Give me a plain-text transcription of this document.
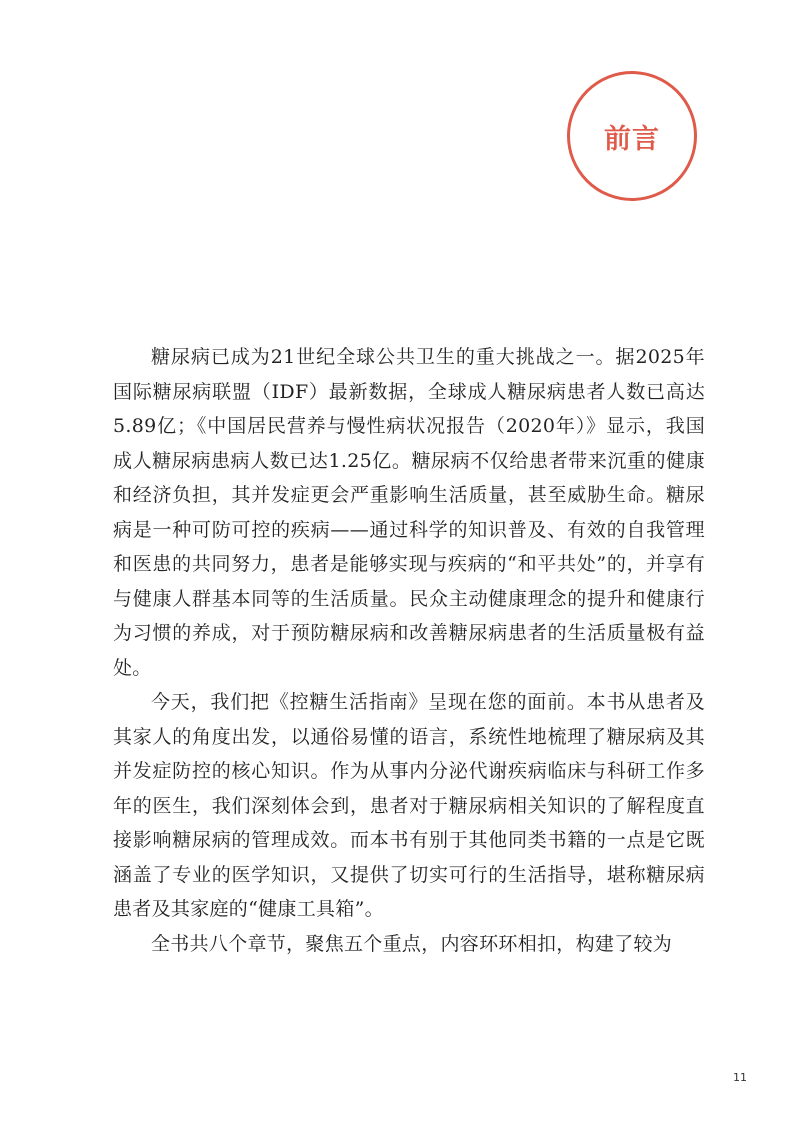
前言

糖尿病已成为21世纪全球公共卫生的重大挑战之一。据2025年国际糖尿病联盟（IDF）最新数据，全球成人糖尿病患者人数已高达5.89亿；《中国居民营养与慢性病状况报告（2020年）》显示，我国成人糖尿病患病人数已达1.25亿。糖尿病不仅给患者带来沉重的健康和经济负担，其并发症更会严重影响生活质量，甚至威胁生命。糖尿病是一种可防可控的疾病——通过科学的知识普及、有效的自我管理和医患的共同努力，患者是能够实现与疾病的“和平共处”的，并享有与健康人群基本同等的生活质量。民众主动健康理念的提升和健康行为习惯的养成，对于预防糖尿病和改善糖尿病患者的生活质量极有益处。

今天，我们把《控糖生活指南》呈现在您的面前。本书从患者及其家人的角度出发，以通俗易懂的语言，系统性地梳理了糖尿病及其并发症防控的核心知识。作为从事内分泌代谢疾病临床与科研工作多年的医生，我们深刻体会到，患者对于糖尿病相关知识的了解程度直接影响糖尿病的管理成效。而本书有别于其他同类书籍的一点是它既涵盖了专业的医学知识，又提供了切实可行的生活指导，堪称糖尿病患者及其家庭的“健康工具箱”。

全书共八个章节，聚焦五个重点，内容环环相扣，构建了较为

11
